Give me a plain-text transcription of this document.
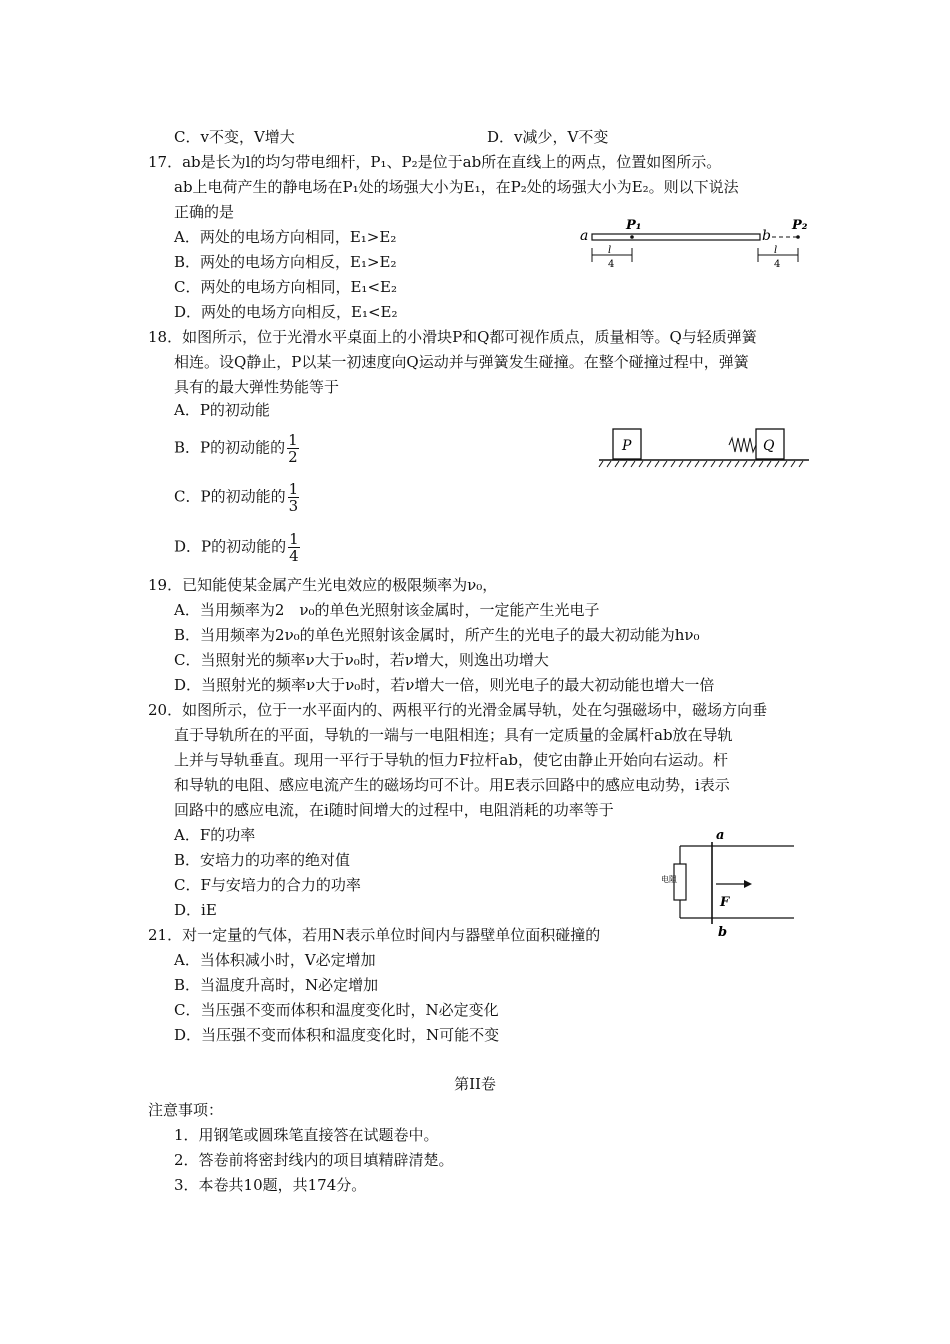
C．v不变，V增大	D．v减少，V不变
17．ab是长为l的均匀带电细杆，P₁、P₂是位于ab所在直线上的两点，位置如图所示。
ab上电荷产生的静电场在P₁处的场强大小为E₁，在P₂处的场强大小为E₂。则以下说法
正确的是
A．两处的电场方向相同，E₁>E₂
B．两处的电场方向相反，E₁>E₂
C．两处的电场方向相同，E₁<E₂
D．两处的电场方向相反，E₁<E₂
a
P₁
b
P₂
l
4
l
4
18．如图所示，位于光滑水平桌面上的小滑块P和Q都可视作质点，质量相等。Q与轻质弹簧
相连。设Q静止，P以某一初速度向Q运动并与弹簧发生碰撞。在整个碰撞过程中，弹簧
具有的最大弹性势能等于
A．P的初动能
B．P的初动能的 $\frac{1}{2}$
C．P的初动能的 $\frac{1}{3}$
D．P的初动能的 $\frac{1}{4}$
P	Q
19．已知能使某金属产生光电效应的极限频率为ν₀，
A．当用频率为2　ν₀的单色光照射该金属时，一定能产生光电子
B．当用频率为2ν₀的单色光照射该金属时，所产生的光电子的最大初动能为hν₀
C．当照射光的频率ν大于ν₀时，若ν增大，则逸出功增大
D．当照射光的频率ν大于ν₀时，若ν增大一倍，则光电子的最大初动能也增大一倍
20．如图所示，位于一水平面内的、两根平行的光滑金属导轨，处在匀强磁场中，磁场方向垂
直于导轨所在的平面，导轨的一端与一电阻相连；具有一定质量的金属杆ab放在导轨
上并与导轨垂直。现用一平行于导轨的恒力F拉杆ab，使它由静止开始向右运动。杆
和导轨的电阻、感应电流产生的磁场均可不计。用E表示回路中的感应电动势，i表示
回路中的感应电流，在i随时间增大的过程中，电阻消耗的功率等于
A．F的功率
B．安培力的功率的绝对值
C．F与安培力的合力的功率
D．iE
a
电阻
F
b
21．对一定量的气体，若用N表示单位时间内与器壁单位面积碰撞的
A．当体积减小时，V必定增加
B．当温度升高时，N必定增加
C．当压强不变而体积和温度变化时，N必定变化
D．当压强不变而体积和温度变化时，N可能不变
第II卷
注意事项：
1．用钢笔或圆珠笔直接答在试题卷中。
2．答卷前将密封线内的项目填精辟清楚。
3．本卷共10题，共174分。
